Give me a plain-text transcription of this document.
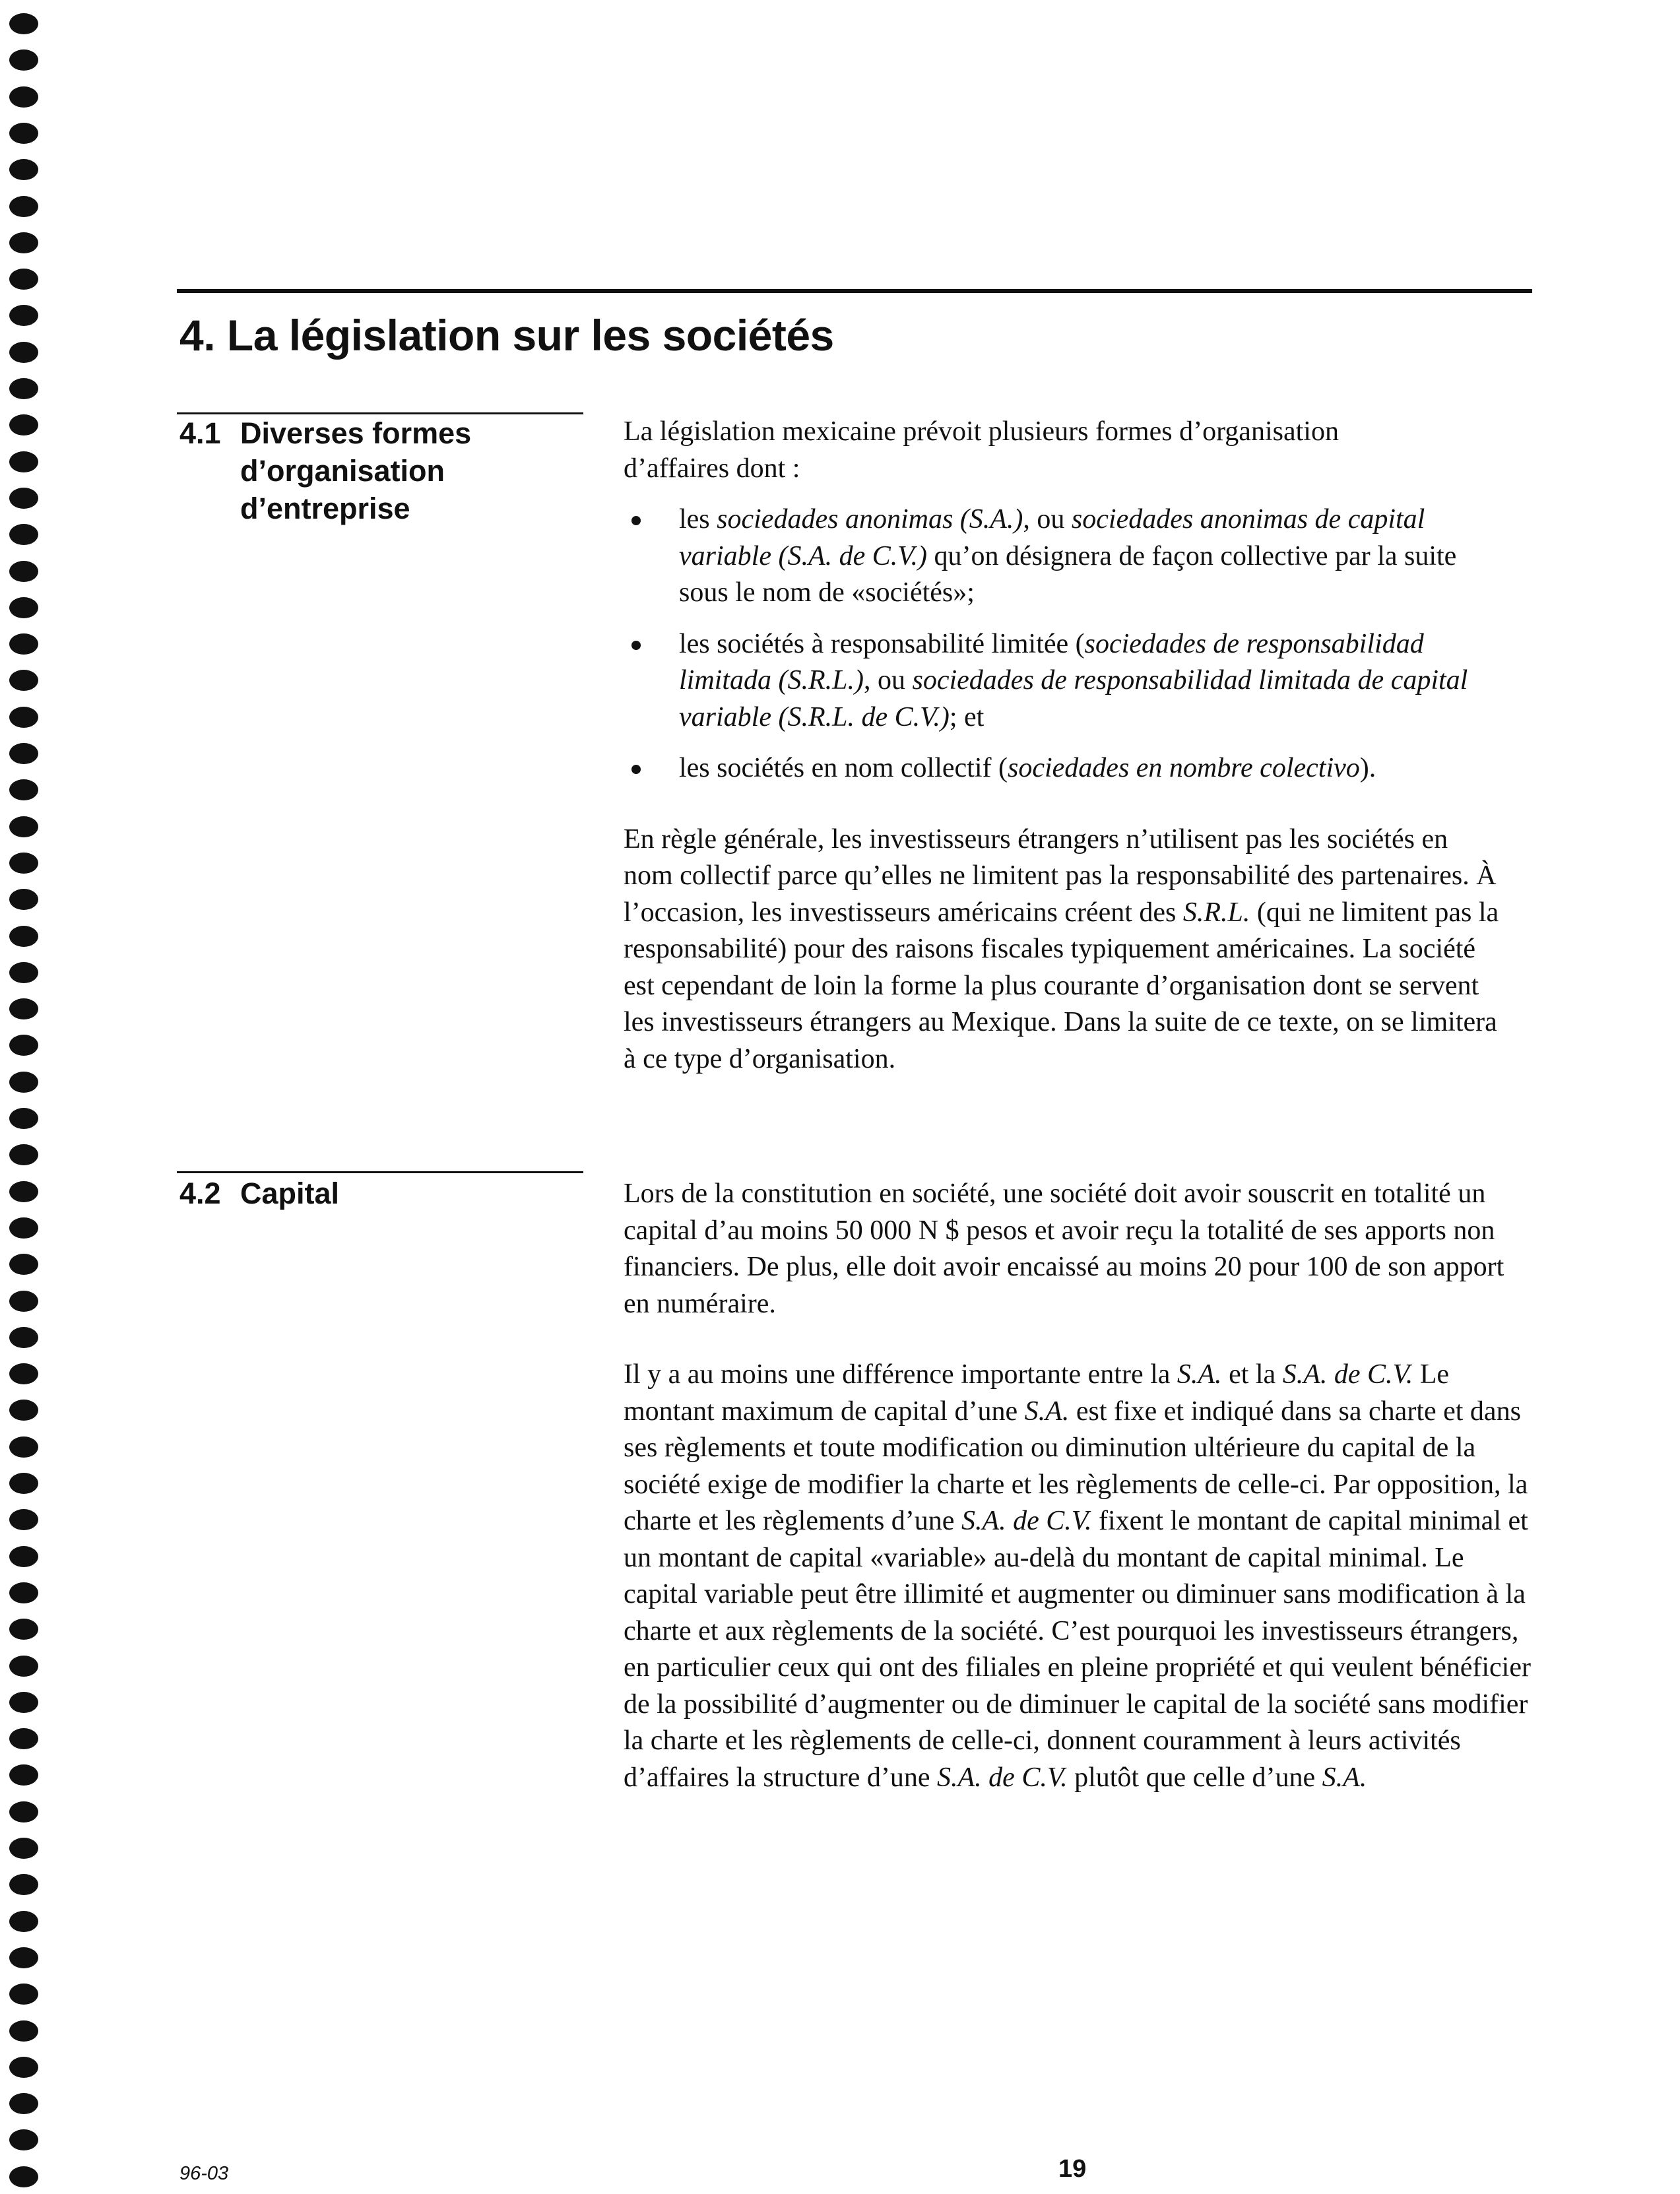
4. La législation sur les sociétés
4.1 Diverses formes
d’organisation
d’entreprise

La législation mexicaine prévoit plusieurs formes d’organisation d’affaires dont :

les sociedades anonimas (S.A.), ou sociedades anonimas de capital variable (S.A. de C.V.) qu’on désignera de façon collective par la suite sous le nom de «sociétés»;
les sociétés à responsabilité limitée (sociedades de responsabilidad limitada (S.R.L.), ou sociedades de responsabilidad limitada de capital variable (S.R.L. de C.V.); et
les sociétés en nom collectif (sociedades en nombre colectivo).

En règle générale, les investisseurs étrangers n’utilisent pas les sociétés en nom collectif parce qu’elles ne limitent pas la responsabilité des partenaires. À l’occasion, les investisseurs américains créent des S.R.L. (qui ne limitent pas la responsabilité) pour des raisons fiscales typiquement américaines. La société est cependant de loin la forme la plus courante d’organisation dont se servent les investisseurs étrangers au Mexique. Dans la suite de ce texte, on se limitera à ce type d’organisation.

4.2 Capital	Lors de la constitution en société, une société doit avoir souscrit en totalité un capital d’au moins 50 000 N $ pesos et avoir reçu la totalité de ses apports non financiers. De plus, elle doit avoir encaissé au moins 20 pour 100 de son apport en numéraire.

Il y a au moins une différence importante entre la S.A. et la S.A. de C.V. Le montant maximum de capital d’une S.A. est fixe et indiqué dans sa charte et dans ses règlements et toute modification ou diminution ultérieure du capital de la société exige de modifier la charte et les règlements de celle-ci. Par opposition, la charte et les règlements d’une S.A. de C.V. fixent le montant de capital minimal et un montant de capital «variable» au-delà du montant de capital minimal. Le capital variable peut être illimité et augmenter ou diminuer sans modification à la charte et aux règlements de la société. C’est pourquoi les investisseurs étrangers, en particulier ceux qui ont des filiales en pleine propriété et qui veulent bénéficier de la possibilité d’augmenter ou de diminuer le capital de la société sans modifier la charte et les règlements de celle-ci, donnent couramment à leurs activités d’affaires la structure d’une S.A. de C.V. plutôt que celle d’une S.A.

96-03	19
